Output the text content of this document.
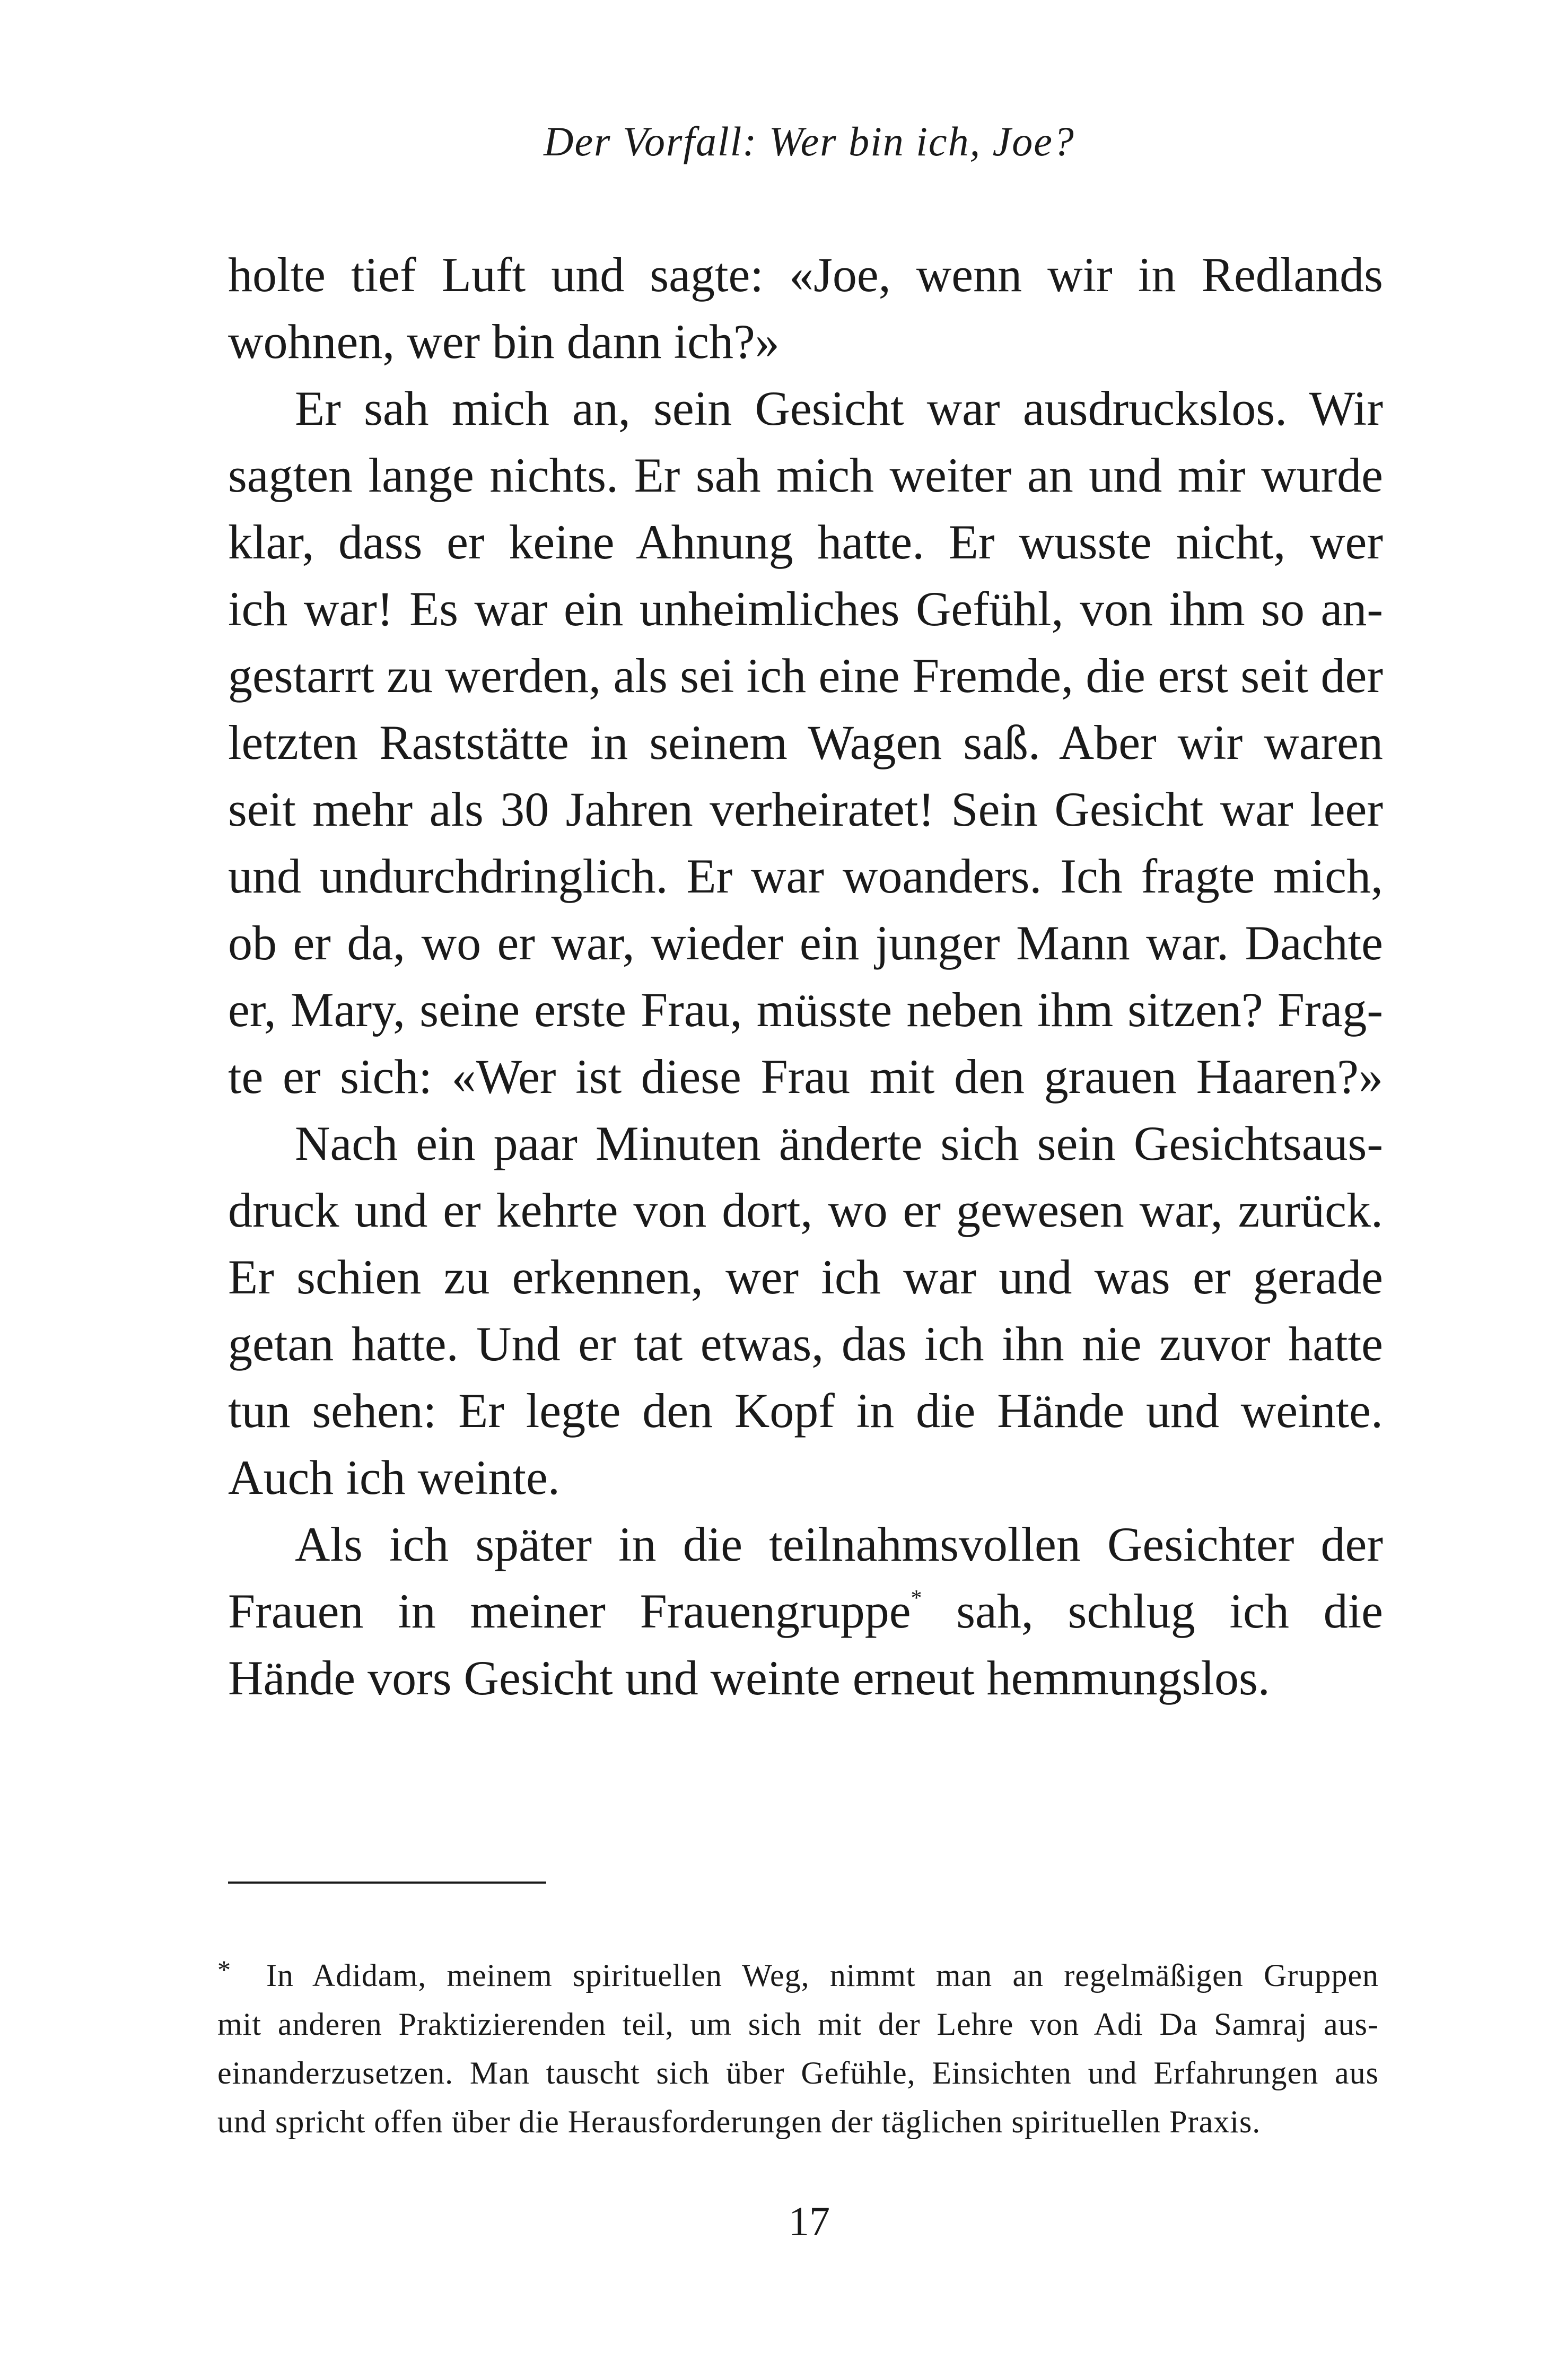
Der Vorfall: Wer bin ich, Joe?

holte tief Luft und sagte: «Joe, wenn wir in Redlands
wohnen, wer bin dann ich?»

Er sah mich an, sein Gesicht war ausdruckslos. Wir
sagten lange nichts. Er sah mich weiter an und mir wurde
klar, dass er keine Ahnung hatte. Er wusste nicht, wer
ich war! Es war ein unheimliches Gefühl, von ihm so an-
gestarrt zu werden, als sei ich eine Fremde, die erst seit der
letzten Raststätte in seinem Wagen saß. Aber wir waren
seit mehr als 30 Jahren verheiratet! Sein Gesicht war leer
und undurchdringlich. Er war woanders. Ich fragte mich,
ob er da, wo er war, wieder ein junger Mann war. Dachte
er, Mary, seine erste Frau, müsste neben ihm sitzen? Frag-
te er sich: «Wer ist diese Frau mit den grauen Haaren?»

Nach ein paar Minuten änderte sich sein Gesichtsaus-
druck und er kehrte von dort, wo er gewesen war, zurück.
Er schien zu erkennen, wer ich war und was er gerade
getan hatte. Und er tat etwas, das ich ihn nie zuvor hatte
tun sehen: Er legte den Kopf in die Hände und weinte.
Auch ich weinte.

Als ich später in die teilnahmsvollen Gesichter der
Frauen in meiner Frauengruppe* sah, schlug ich die
Hände vors Gesicht und weinte erneut hemmungslos.

* In Adidam, meinem spirituellen Weg, nimmt man an regelmäßigen Gruppen
mit anderen Praktizierenden teil, um sich mit der Lehre von Adi Da Samraj aus-
einanderzusetzen. Man tauscht sich über Gefühle, Einsichten und Erfahrungen aus
und spricht offen über die Herausforderungen der täglichen spirituellen Praxis.
17
